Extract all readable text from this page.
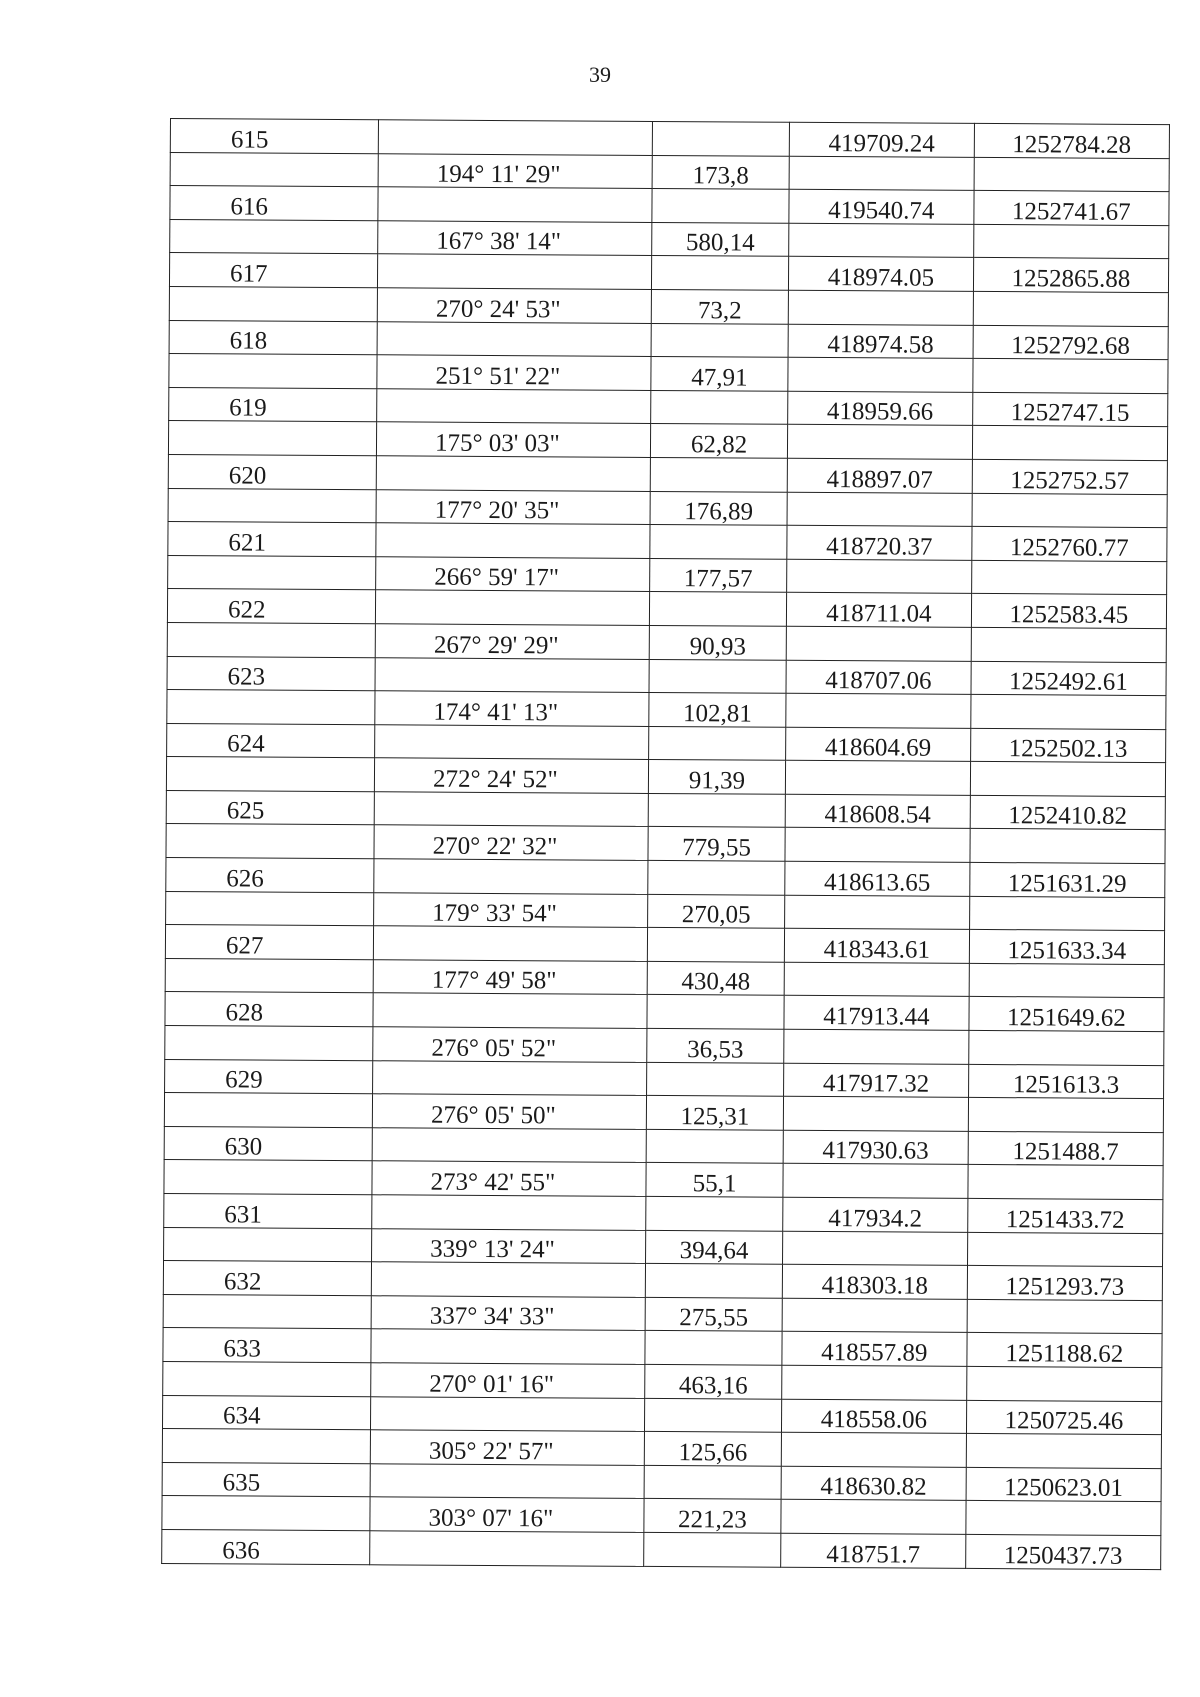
39
615			419709.24	1252784.28
	194° 11' 29"	173,8		
616			419540.74	1252741.67
	167° 38' 14"	580,14		
617			418974.05	1252865.88
	270° 24' 53"	73,2		
618			418974.58	1252792.68
	251° 51' 22"	47,91		
619			418959.66	1252747.15
	175° 03' 03"	62,82		
620			418897.07	1252752.57
	177° 20' 35"	176,89		
621			418720.37	1252760.77
	266° 59' 17"	177,57		
622			418711.04	1252583.45
	267° 29' 29"	90,93		
623			418707.06	1252492.61
	174° 41' 13"	102,81		
624			418604.69	1252502.13
	272° 24' 52"	91,39		
625			418608.54	1252410.82
	270° 22' 32"	779,55		
626			418613.65	1251631.29
	179° 33' 54"	270,05		
627			418343.61	1251633.34
	177° 49' 58"	430,48		
628			417913.44	1251649.62
	276° 05' 52"	36,53		
629			417917.32	1251613.3
	276° 05' 50"	125,31		
630			417930.63	1251488.7
	273° 42' 55"	55,1		
631			417934.2	1251433.72
	339° 13' 24"	394,64		
632			418303.18	1251293.73
	337° 34' 33"	275,55		
633			418557.89	1251188.62
	270° 01' 16"	463,16		
634			418558.06	1250725.46
	305° 22' 57"	125,66		
635			418630.82	1250623.01
	303° 07' 16"	221,23		
636			418751.7	1250437.73
